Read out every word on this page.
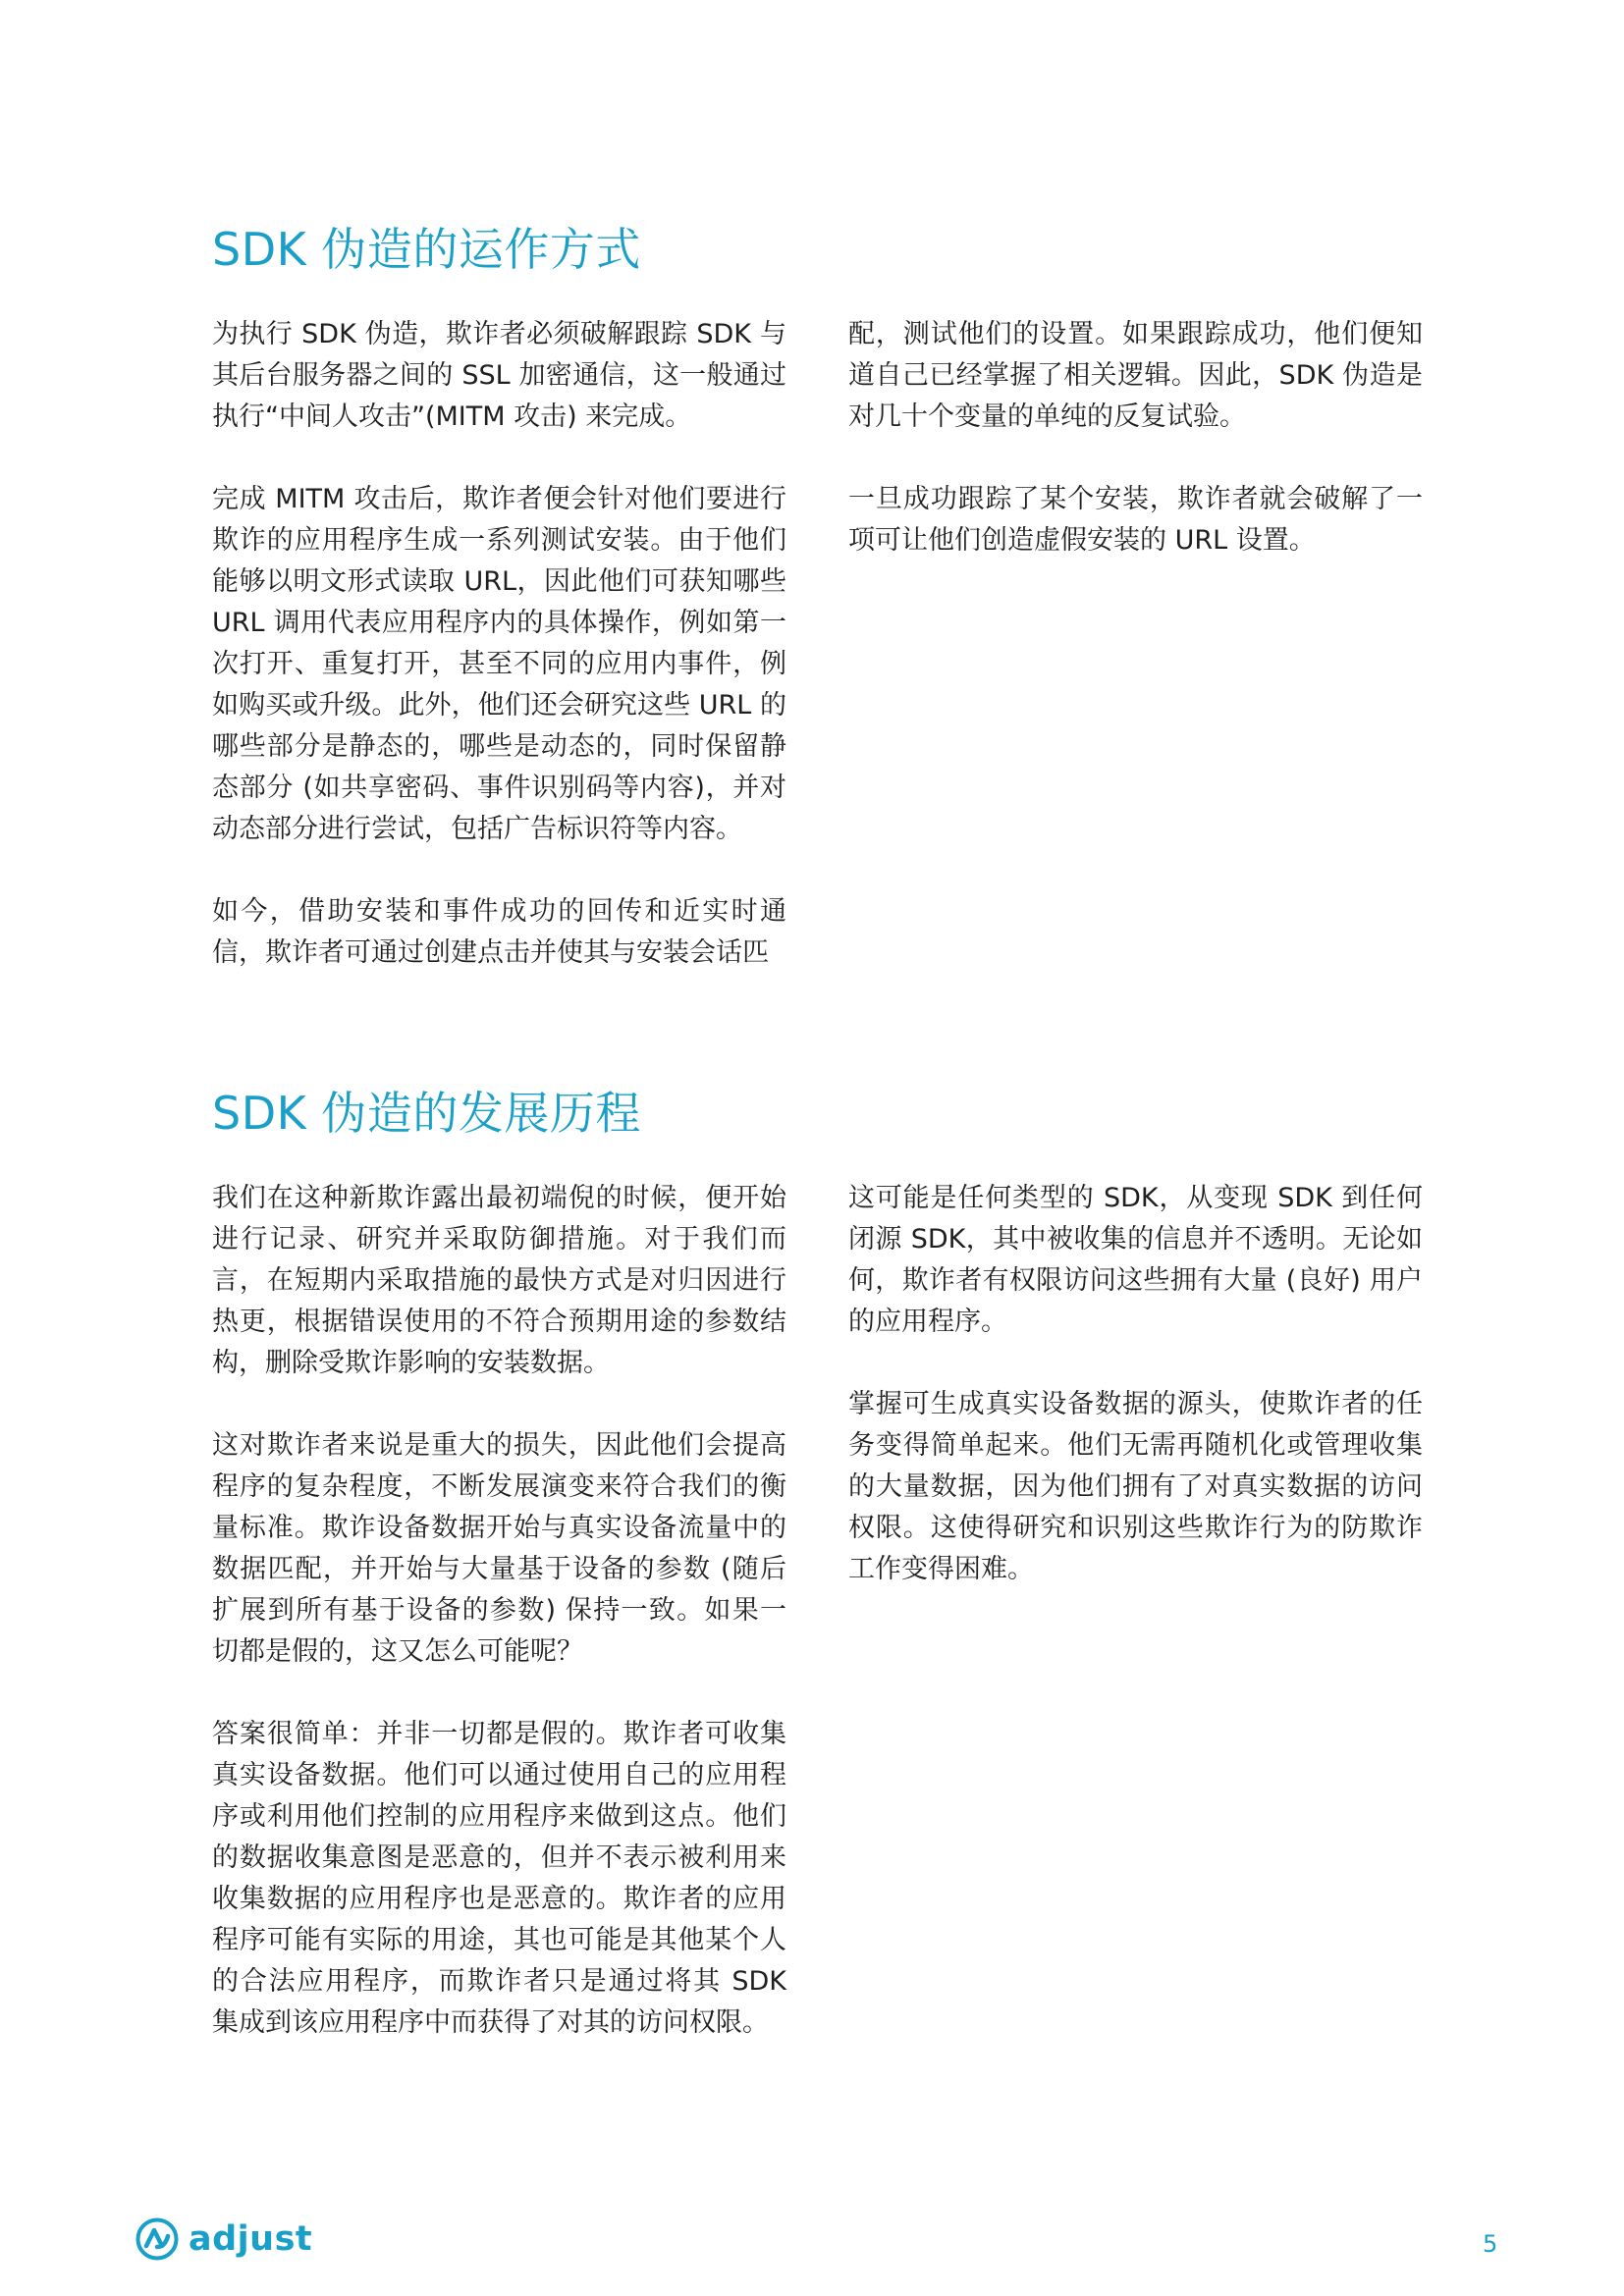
SDK 伪造的运作方式

为执行 SDK 伪造，欺诈者必须破解跟踪 SDK 与其后台服务器之间的 SSL 加密通信，这一般通过执行“中间人攻击”(MITM 攻击) 来完成。

完成 MITM 攻击后，欺诈者便会针对他们要进行欺诈的应用程序生成一系列测试安装。由于他们能够以明文形式读取 URL，因此他们可获知哪些 URL 调用代表应用程序内的具体操作，例如第一次打开、重复打开，甚至不同的应用内事件，例如购买或升级。此外，他们还会研究这些 URL 的哪些部分是静态的，哪些是动态的，同时保留静态部分 (如共享密码、事件识别码等内容)，并对动态部分进行尝试，包括广告标识符等内容。

如今，借助安装和事件成功的回传和近实时通信，欺诈者可通过创建点击并使其与安装会话匹

配，测试他们的设置。如果跟踪成功，他们便知道自己已经掌握了相关逻辑。因此，SDK 伪造是对几十个变量的单纯的反复试验。

一旦成功跟踪了某个安装，欺诈者就会破解了一项可让他们创造虚假安装的 URL 设置。

SDK 伪造的发展历程

我们在这种新欺诈露出最初端倪的时候，便开始进行记录、研究并采取防御措施。对于我们而言，在短期内采取措施的最快方式是对归因进行热更，根据错误使用的不符合预期用途的参数结构，删除受欺诈影响的安装数据。

这对欺诈者来说是重大的损失，因此他们会提高程序的复杂程度，不断发展演变来符合我们的衡量标准。欺诈设备数据开始与真实设备流量中的数据匹配，并开始与大量基于设备的参数 (随后扩展到所有基于设备的参数) 保持一致。如果一切都是假的，这又怎么可能呢？

答案很简单：并非一切都是假的。欺诈者可收集真实设备数据。他们可以通过使用自己的应用程序或利用他们控制的应用程序来做到这点。他们的数据收集意图是恶意的，但并不表示被利用来收集数据的应用程序也是恶意的。欺诈者的应用程序可能有实际的用途，其也可能是其他某个人的合法应用程序，而欺诈者只是通过将其 SDK 集成到该应用程序中而获得了对其的访问权限。

这可能是任何类型的 SDK，从变现 SDK 到任何闭源 SDK，其中被收集的信息并不透明。无论如何，欺诈者有权限访问这些拥有大量 (良好) 用户的应用程序。

掌握可生成真实设备数据的源头，使欺诈者的任务变得简单起来。他们无需再随机化或管理收集的大量数据，因为他们拥有了对真实数据的访问权限。这使得研究和识别这些欺诈行为的防欺诈工作变得困难。

adjust	5
